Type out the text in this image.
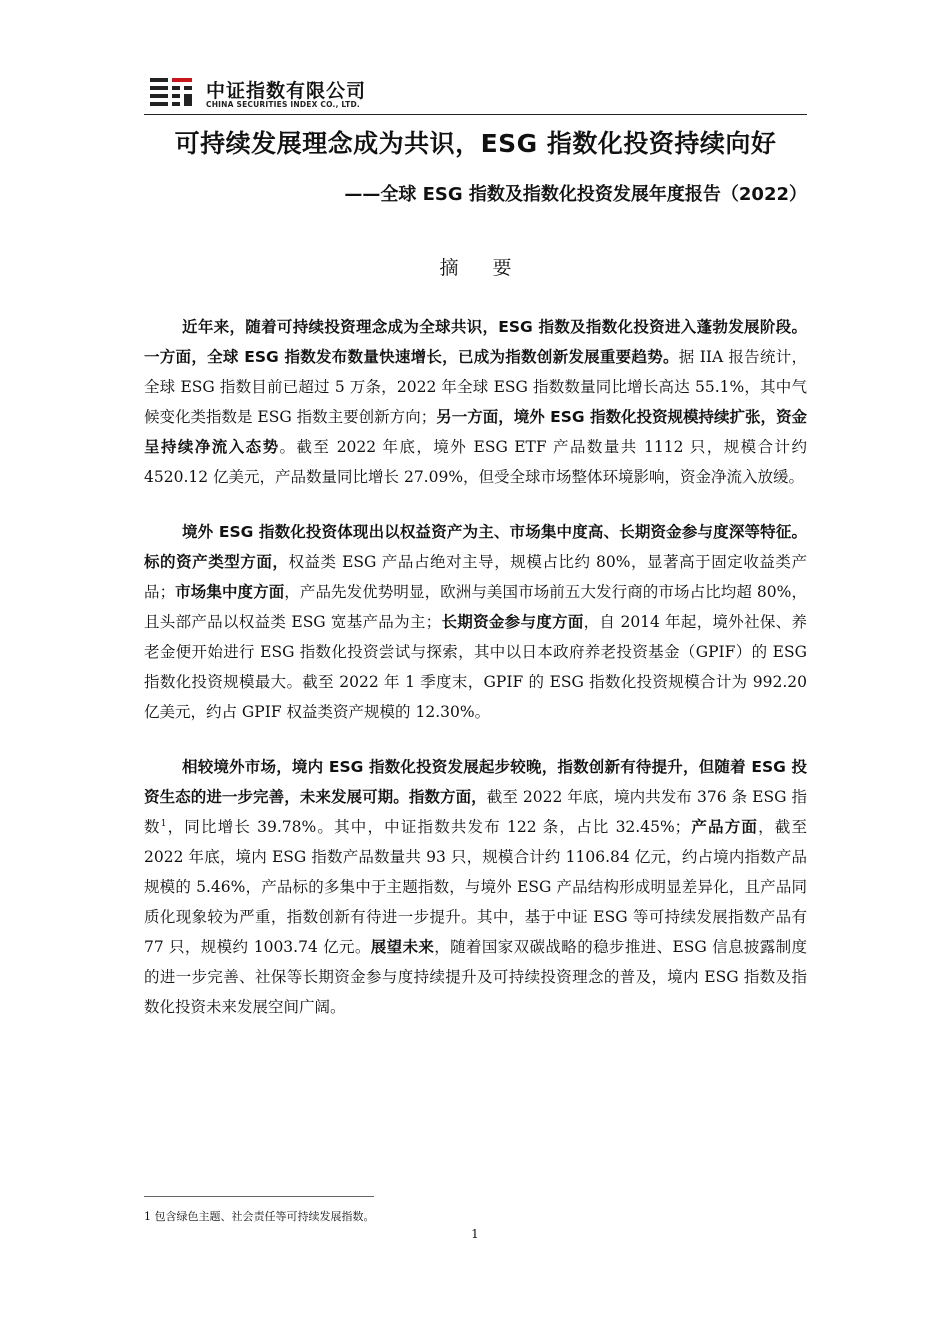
中证指数有限公司
CHINA SECURITIES INDEX CO., LTD.
可持续发展理念成为共识，ESG 指数化投资持续向好
——全球 ESG 指数及指数化投资发展年度报告（2022）
摘 要

近年来，随着可持续投资理念成为全球共识，ESG 指数及指数化投资进入蓬勃发展阶段。一方面，全球 ESG 指数发布数量快速增长，已成为指数创新发展重要趋势。据 IIA 报告统计，全球 ESG 指数目前已超过 5 万条，2022 年全球 ESG 指数数量同比增长高达 55.1%，其中气候变化类指数是 ESG 指数主要创新方向；另一方面，境外 ESG 指数化投资规模持续扩张，资金呈持续净流入态势。截至 2022 年底，境外 ESG ETF 产品数量共 1112 只，规模合计约 4520.12 亿美元，产品数量同比增长 27.09%，但受全球市场整体环境影响，资金净流入放缓。

境外 ESG 指数化投资体现出以权益资产为主、市场集中度高、长期资金参与度深等特征。标的资产类型方面，权益类 ESG 产品占绝对主导，规模占比约 80%，显著高于固定收益类产品；市场集中度方面，产品先发优势明显，欧洲与美国市场前五大发行商的市场占比均超 80%，且头部产品以权益类 ESG 宽基产品为主；长期资金参与度方面，自 2014 年起，境外社保、养老金便开始进行 ESG 指数化投资尝试与探索，其中以日本政府养老投资基金（GPIF）的 ESG 指数化投资规模最大。截至 2022 年 1 季度末，GPIF 的 ESG 指数化投资规模合计为 992.20 亿美元，约占 GPIF 权益类资产规模的 12.30%。

相较境外市场，境内 ESG 指数化投资发展起步较晚，指数创新有待提升，但随着 ESG 投资生态的进一步完善，未来发展可期。指数方面，截至 2022 年底，境内共发布 376 条 ESG 指数$^1$，同比增长 39.78%。其中，中证指数共发布 122 条，占比 32.45%；产品方面，截至 2022 年底，境内 ESG 指数产品数量共 93 只，规模合计约 1106.84 亿元，约占境内指数产品规模的 5.46%，产品标的多集中于主题指数，与境外 ESG 产品结构形成明显差异化，且产品同质化现象较为严重，指数创新有待进一步提升。其中，基于中证 ESG 等可持续发展指数产品有 77 只，规模约 1003.74 亿元。展望未来，随着国家双碳战略的稳步推进、ESG 信息披露制度的进一步完善、社保等长期资金参与度持续提升及可持续投资理念的普及，境内 ESG 指数及指数化投资未来发展空间广阔。

1 包含绿色主题、社会责任等可持续发展指数。
1
